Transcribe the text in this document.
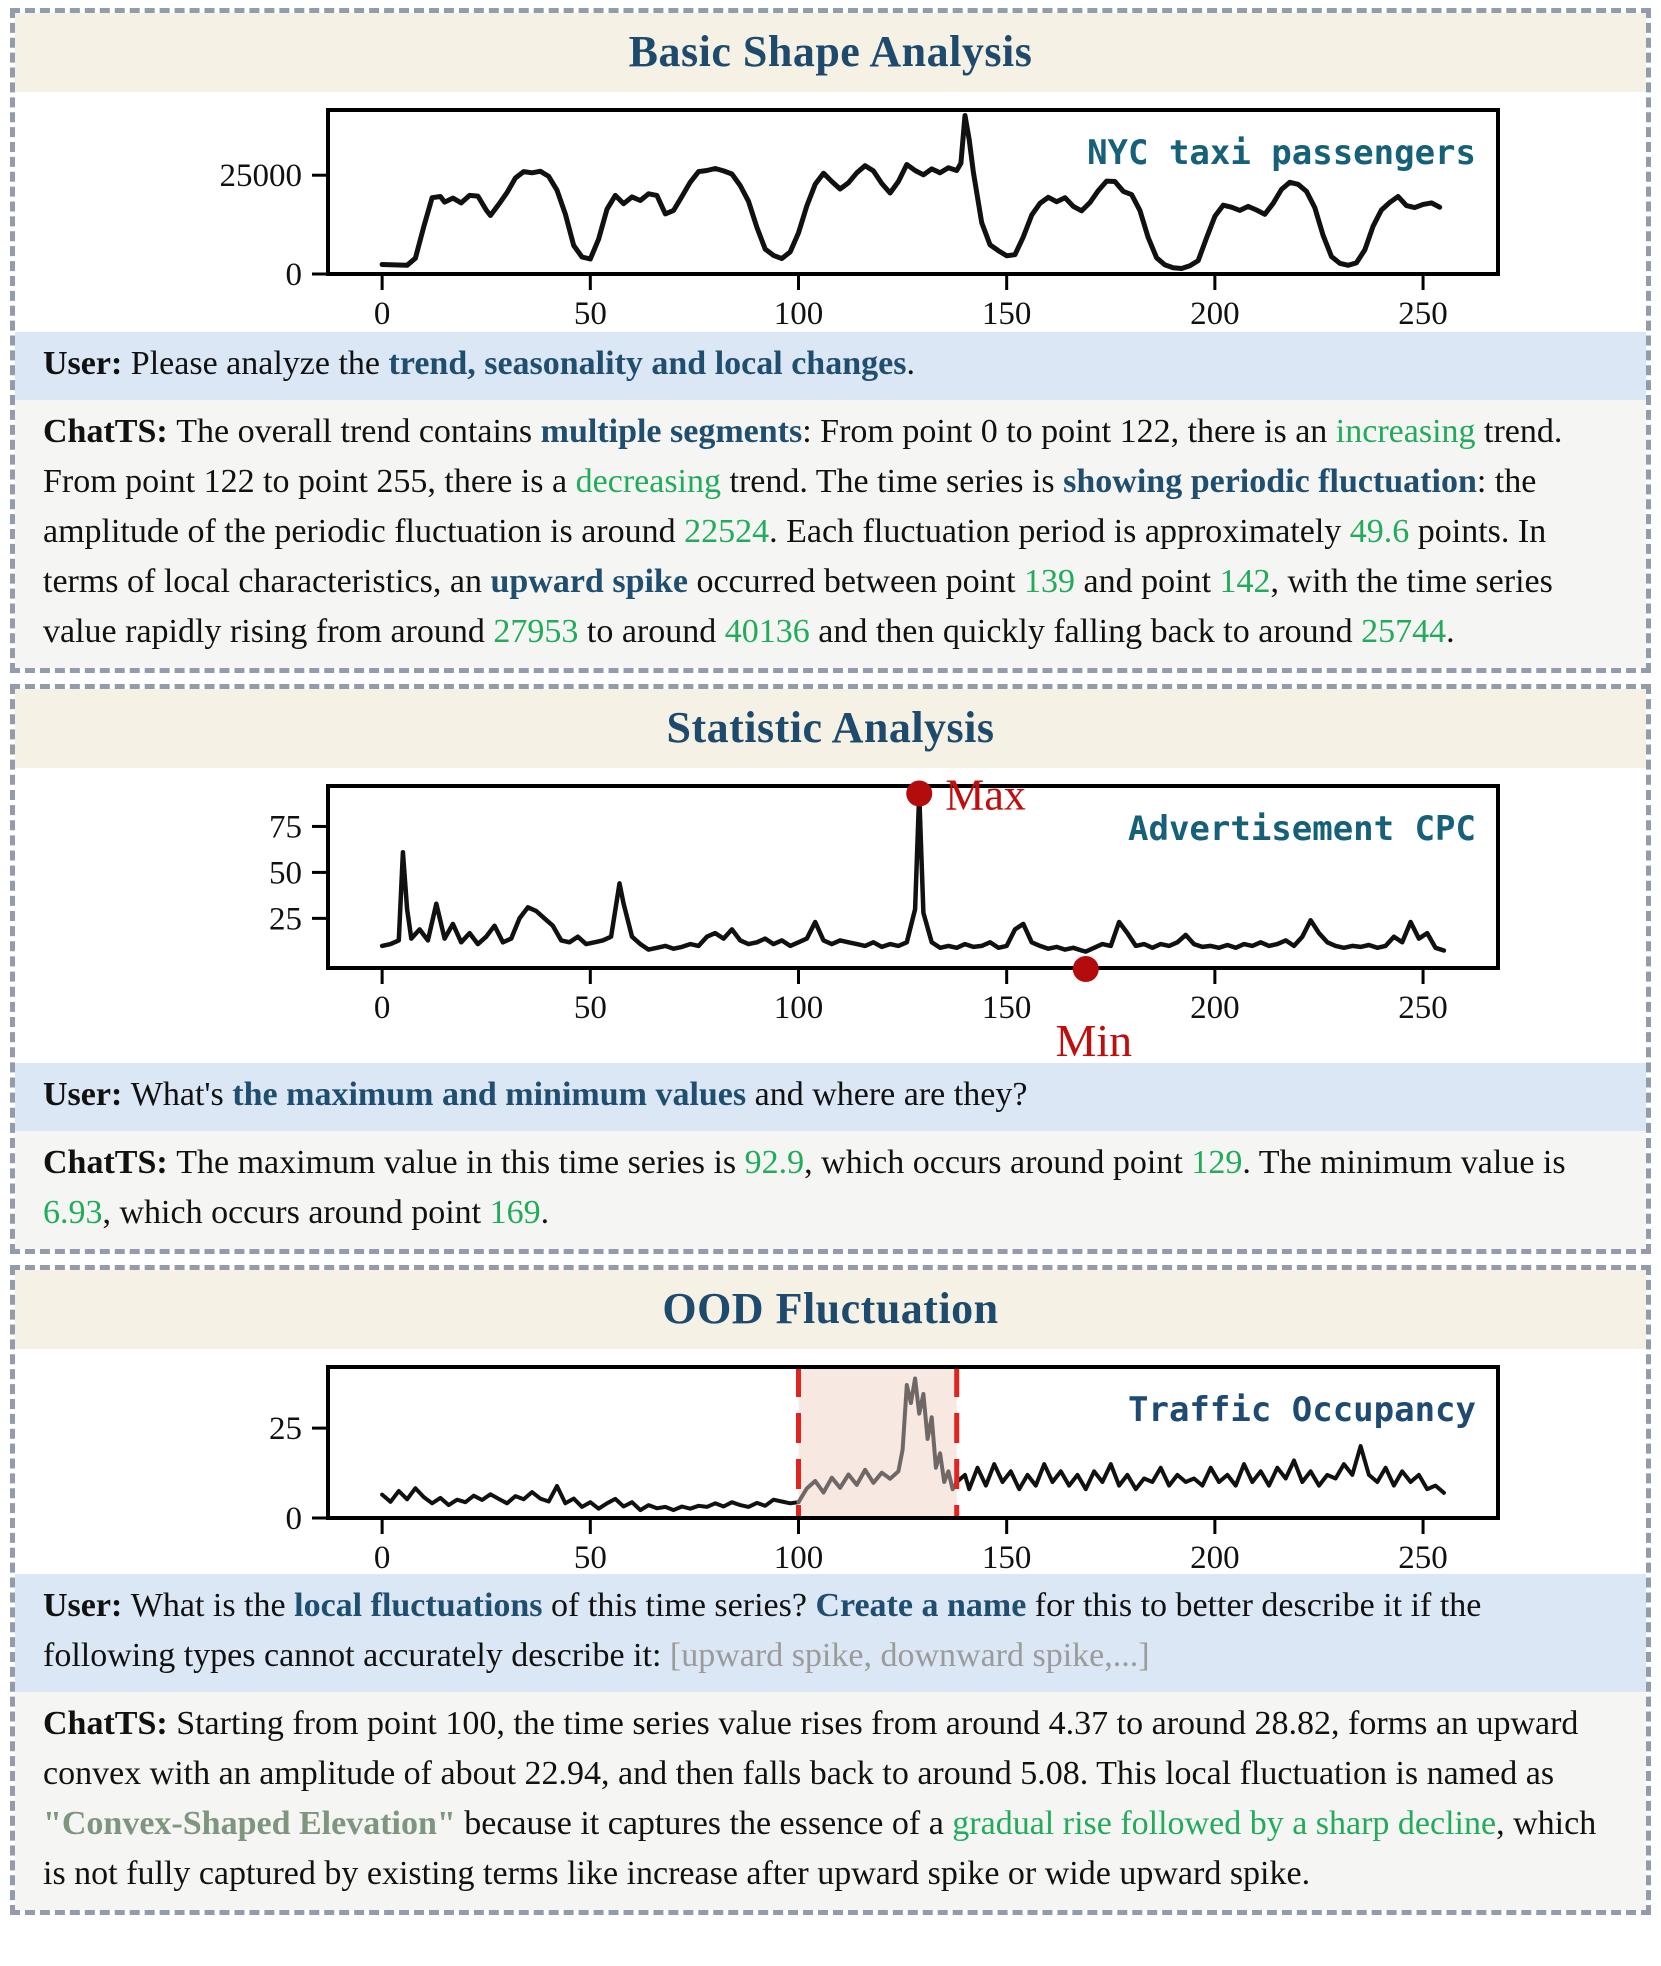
Basic Shape Analysis
0	50	100	150	200	250
0
25000
NYC taxi passengers

User: Please analyze the trend, seasonality and local changes.

ChatTS: The overall trend contains multiple segments: From point 0 to point 122, there is an increasing trend. From point 122 to point 255, there is a decreasing trend. The time series is showing periodic fluctuation: the amplitude of the periodic fluctuation is around 22524. Each fluctuation period is approximately 49.6 points. In terms of local characteristics, an upward spike occurred between point 139 and point 142, with the time series value rapidly rising from around 27953 to around 40136 and then quickly falling back to around 25744.

Statistic Analysis
0	50	100	150	200	250
25
50
75	Advertisement CPC
Max
Min

User: What's the maximum and minimum values and where are they?

ChatTS: The maximum value in this time series is 92.9, which occurs around point 129. The minimum value is 6.93, which occurs around point 169.

OOD Fluctuation
0	50	100	150	200	250
0
25	Traffic Occupancy

User: What is the local fluctuations of this time series? Create a name for this to better describe it if the following types cannot accurately describe it: [upward spike, downward spike,...]

ChatTS: Starting from point 100, the time series value rises from around 4.37 to around 28.82, forms an upward convex with an amplitude of about 22.94, and then falls back to around 5.08. This local fluctuation is named as "Convex-Shaped Elevation" because it captures the essence of a gradual rise followed by a sharp decline, which is not fully captured by existing terms like increase after upward spike or wide upward spike.
